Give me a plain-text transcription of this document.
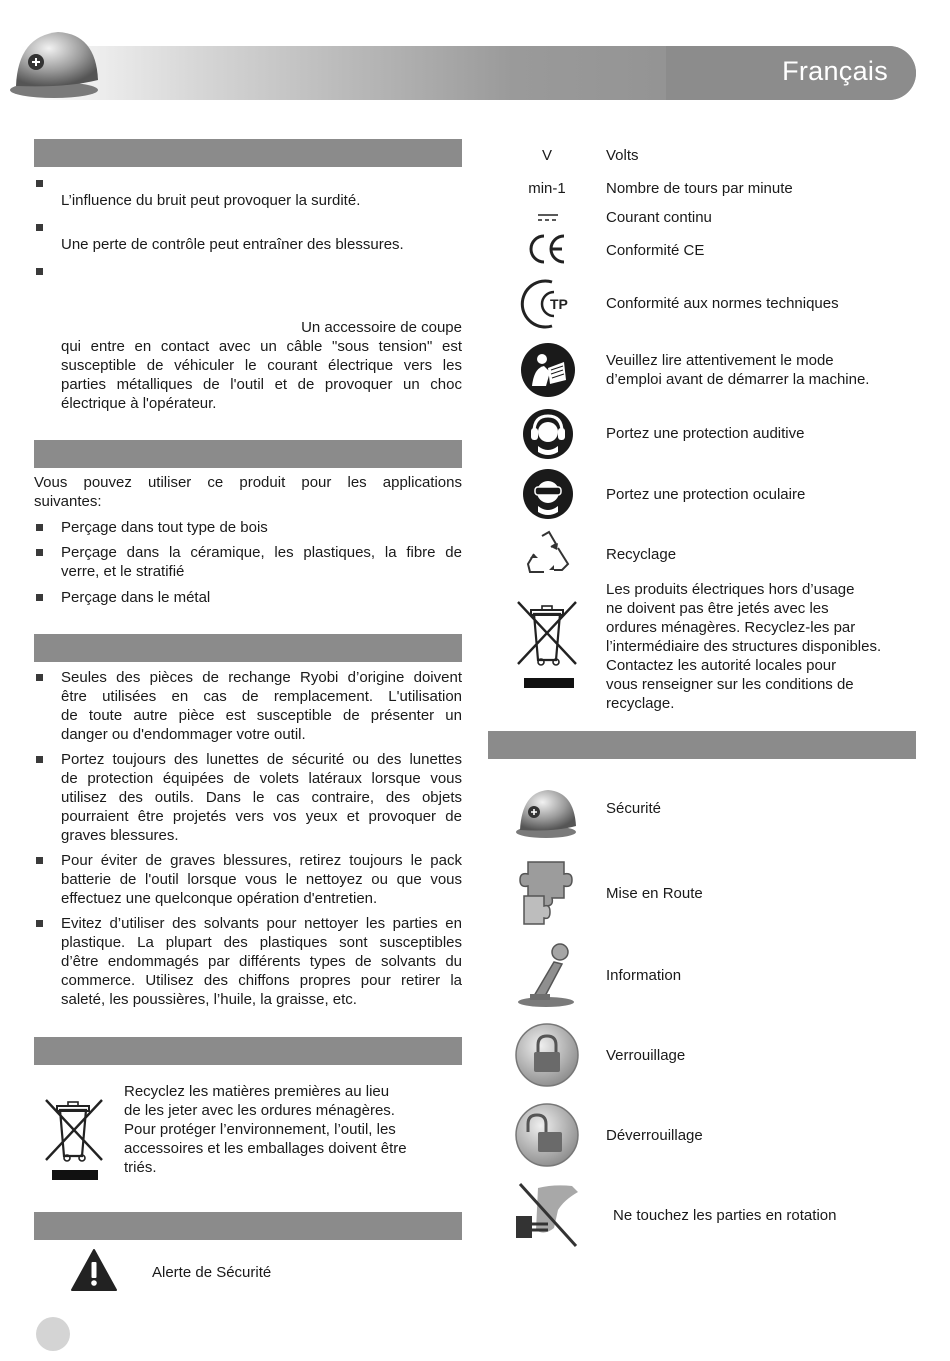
Français
L’influence du bruit peut provoquer la surdité.
Une perte de contrôle peut entraîner des blessures.
Un accessoire de coupe
qui entre en contact avec un câble "sous tension" est
susceptible de véhiculer le courant électrique vers les
parties métalliques de l'outil et de provoquer un choc
électrique à l'opérateur.
Vous pouvez utiliser ce produit pour les applications
suivantes:
Perçage dans tout type de bois
Perçage dans la céramique, les plastiques, la fibre de
verre, et le stratifié
Perçage dans le métal
Seules des pièces de rechange Ryobi d’origine doivent
être utilisées en cas de remplacement. L'utilisation
de toute autre pièce est susceptible de présenter un
danger ou d'endommager votre outil.
Portez toujours des lunettes de sécurité ou des lunettes
de protection équipées de volets latéraux lorsque vous
utilisez des outils. Dans le cas contraire, des objets
pourraient être projetés vers vos yeux et provoquer de
graves blessures.
Pour éviter de graves blessures, retirez toujours le pack
batterie de l'outil lorsque vous le nettoyez ou que vous
effectuez une quelconque opération d'entretien.
Evitez d’utiliser des solvants pour nettoyer les parties en
plastique. La plupart des plastiques sont susceptibles
d’être endommagés par différents types de solvants du
commerce. Utilisez des chiffons propres pour retirer la
saleté, les poussières, l’huile, la graisse, etc.
Recyclez les matières premières au lieu
de les jeter avec les ordures ménagères.
Pour protéger l’environnement, l’outil, les
accessoires et les emballages doivent être
triés.
Alerte de Sécurité
V	Volts
min-1	Nombre de tours par minute
Courant continu
Conformité CE
TP	Conformité aux normes techniques
Veuillez lire attentivement le mode
d’emploi avant de démarrer la machine.
Portez une protection auditive
Portez une protection oculaire
Recyclage
Les produits électriques hors d’usage
ne doivent pas être jetés avec les
ordures ménagères. Recyclez-les par
l’intermédiaire des structures disponibles.
Contactez les autorité locales pour
vous renseigner sur les conditions de
recyclage.
Sécurité
Mise en Route
Information
Verrouillage
Déverrouillage
Ne touchez les parties en rotation
